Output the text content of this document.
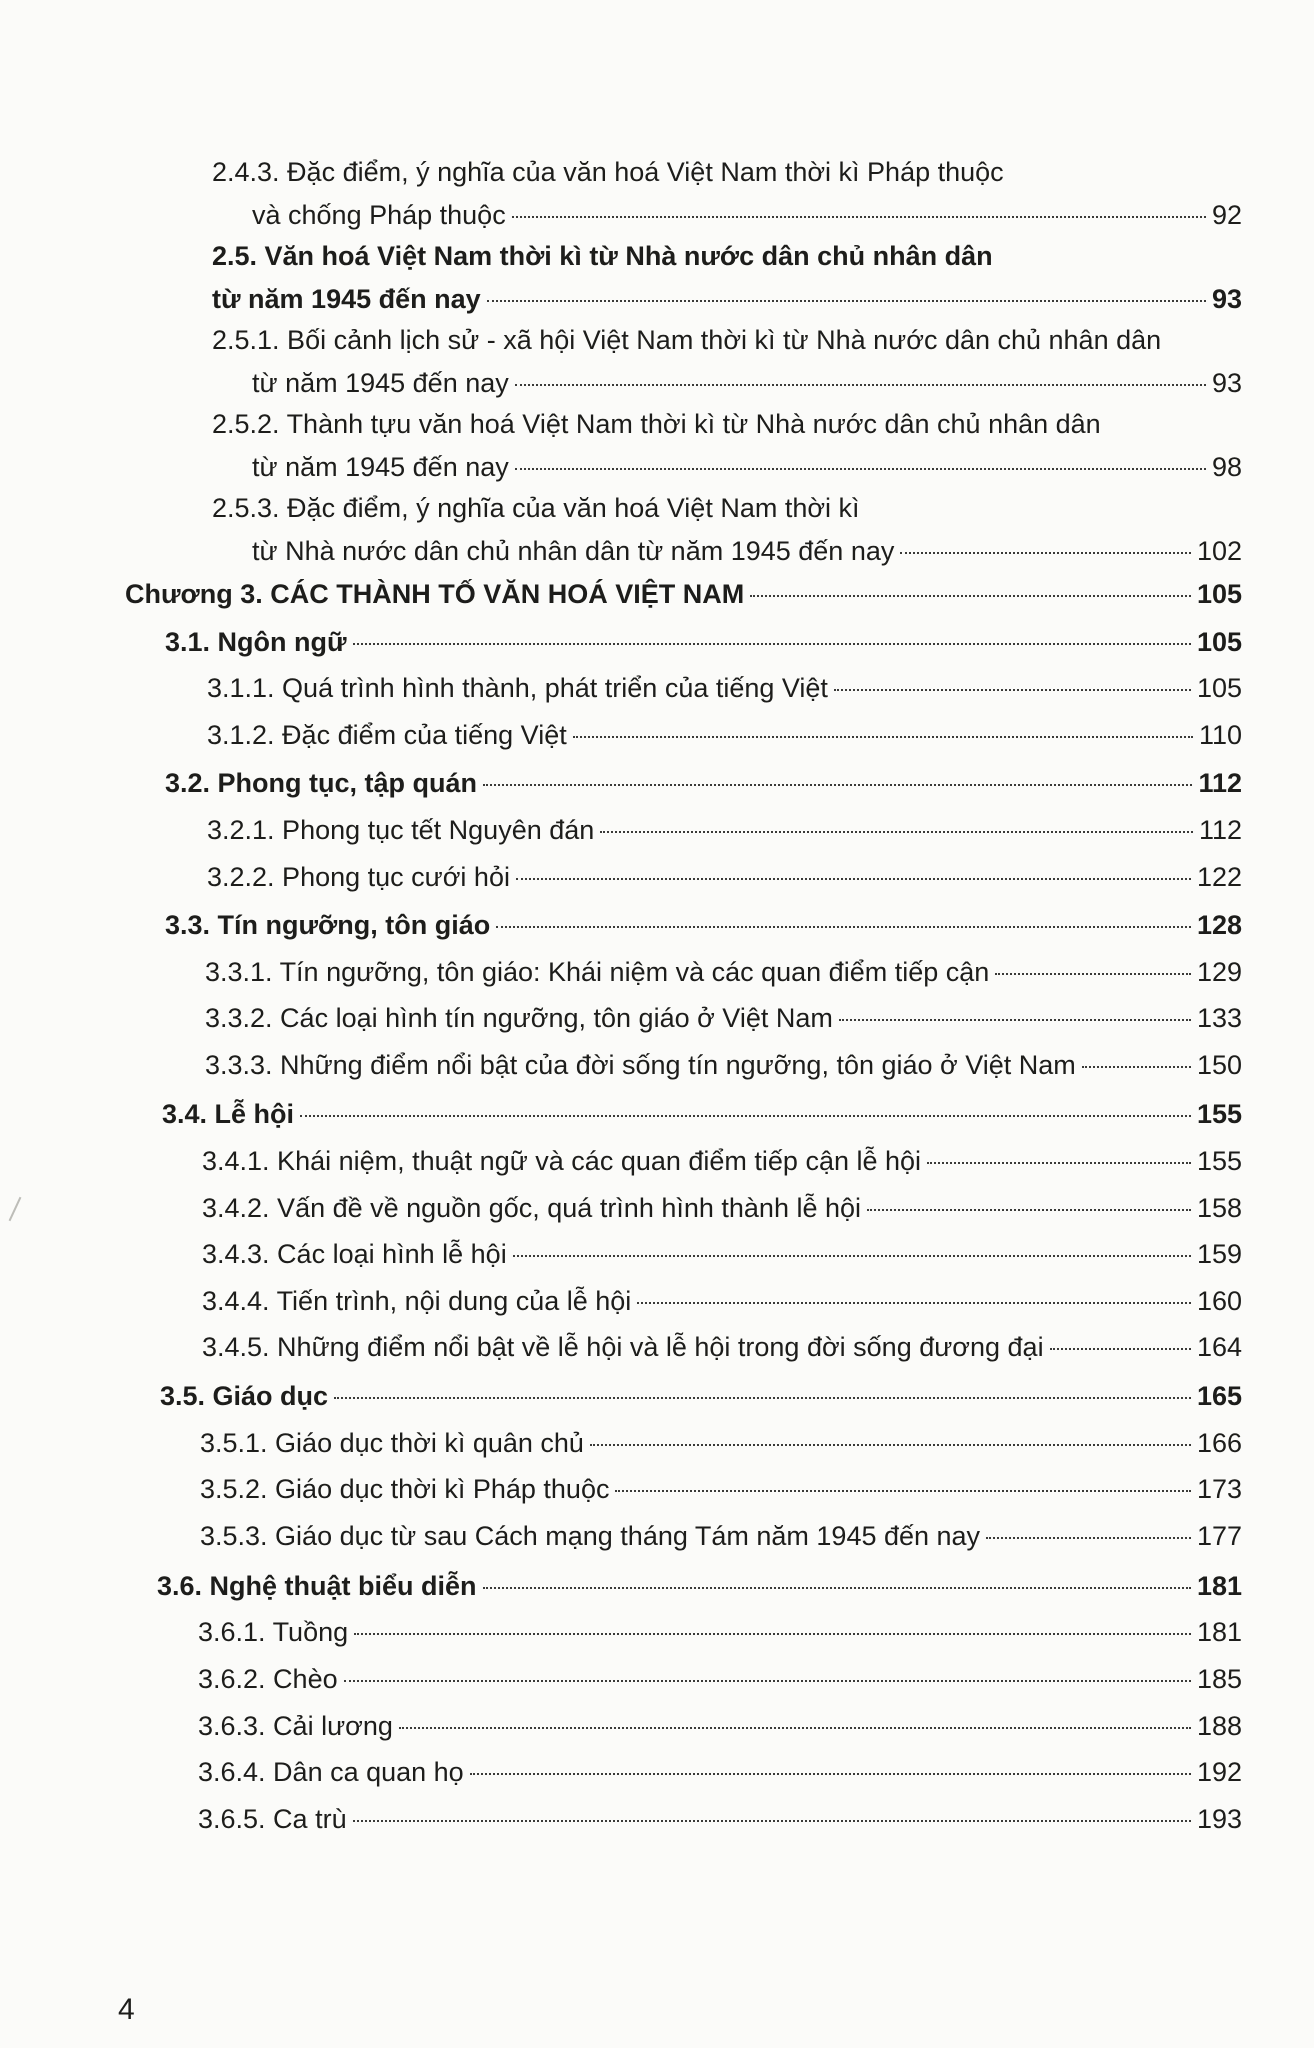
2.4.3. Đặc điểm, ý nghĩa của văn hoá Việt Nam thời kì Pháp thuộc
và chống Pháp thuộc	92
2.5. Văn hoá Việt Nam thời kì từ Nhà nước dân chủ nhân dân
từ năm 1945 đến nay	93
2.5.1. Bối cảnh lịch sử - xã hội Việt Nam thời kì từ Nhà nước dân chủ nhân dân
từ năm 1945 đến nay	93
2.5.2. Thành tựu văn hoá Việt Nam thời kì từ Nhà nước dân chủ nhân dân
từ năm 1945 đến nay	98
2.5.3. Đặc điểm, ý nghĩa của văn hoá Việt Nam thời kì
từ Nhà nước dân chủ nhân dân từ năm 1945 đến nay	102
Chương 3. CÁC THÀNH TỐ VĂN HOÁ VIỆT NAM	105
3.1. Ngôn ngữ	105
3.1.1. Quá trình hình thành, phát triển của tiếng Việt	105
3.1.2. Đặc điểm của tiếng Việt	110
3.2. Phong tục, tập quán	112
3.2.1. Phong tục tết Nguyên đán	112
3.2.2. Phong tục cưới hỏi	122
3.3. Tín ngưỡng, tôn giáo	128
3.3.1. Tín ngưỡng, tôn giáo: Khái niệm và các quan điểm tiếp cận	129
3.3.2. Các loại hình tín ngưỡng, tôn giáo ở Việt Nam	133
3.3.3. Những điểm nổi bật của đời sống tín ngưỡng, tôn giáo ở Việt Nam	150
3.4. Lễ hội	155
3.4.1. Khái niệm, thuật ngữ và các quan điểm tiếp cận lễ hội	155
3.4.2. Vấn đề về nguồn gốc, quá trình hình thành lễ hội	158
3.4.3. Các loại hình lễ hội	159
3.4.4. Tiến trình, nội dung của lễ hội	160
3.4.5. Những điểm nổi bật về lễ hội và lễ hội trong đời sống đương đại	164
3.5. Giáo dục	165
3.5.1. Giáo dục thời kì quân chủ	166
3.5.2. Giáo dục thời kì Pháp thuộc	173
3.5.3. Giáo dục từ sau Cách mạng tháng Tám năm 1945 đến nay	177
3.6. Nghệ thuật biểu diễn	181
3.6.1. Tuồng	181
3.6.2. Chèo	185
3.6.3. Cải lương	188
3.6.4. Dân ca quan họ	192
3.6.5. Ca trù	193
4
